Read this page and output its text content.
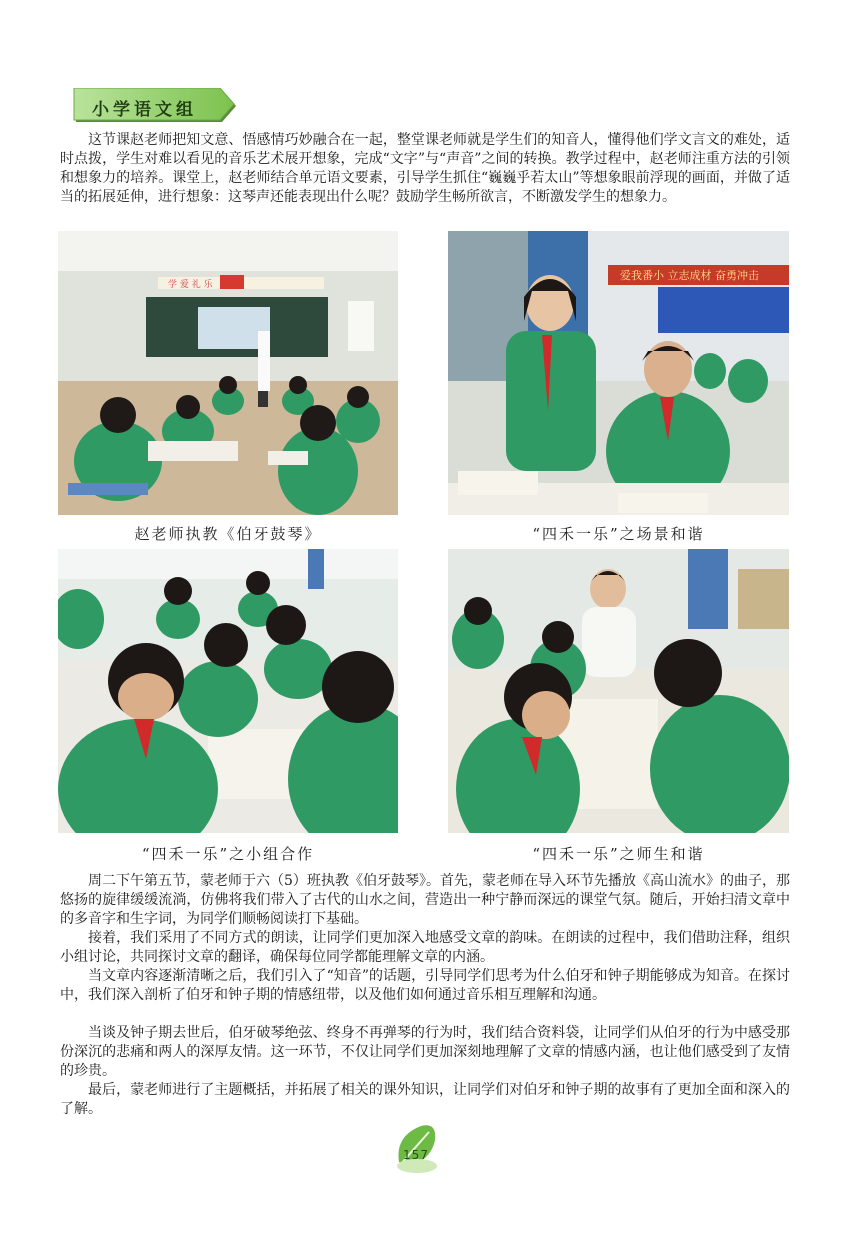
小学语文组

这节课赵老师把知文意、悟感情巧妙融合在一起，整堂课老师就是学生们的知音人，懂得他们学文言文的难处，适时点拨，学生对难以看见的音乐艺术展开想象，完成“文字”与“声音”之间的转换。教学过程中，赵老师注重方法的引领和想象力的培养。课堂上，赵老师结合单元语文要素，引导学生抓住“巍巍乎若太山”等想象眼前浮现的画面，并做了适当的拓展延伸，进行想象：这琴声还能表现出什么呢？鼓励学生畅所欲言，不断激发学生的想象力。

学 爱 礼 乐
赵老师执教《伯牙鼓琴》
爱我番小 立志成材 奋勇冲击
“四禾一乐”之场景和谐
“四禾一乐”之小组合作	“四禾一乐”之师生和谐

周二下午第五节，蒙老师于六（5）班执教《伯牙鼓琴》。首先，蒙老师在导入环节先播放《高山流水》的曲子，那悠扬的旋律缓缓流淌，仿佛将我们带入了古代的山水之间，营造出一种宁静而深远的课堂气氛。随后，开始扫清文章中的多音字和生字词，为同学们顺畅阅读打下基础。

接着，我们采用了不同方式的朗读，让同学们更加深入地感受文章的韵味。在朗读的过程中，我们借助注释，组织小组讨论，共同探讨文章的翻译，确保每位同学都能理解文章的内涵。

当文章内容逐渐清晰之后，我们引入了“知音”的话题，引导同学们思考为什么伯牙和钟子期能够成为知音。在探讨中，我们深入剖析了伯牙和钟子期的情感纽带，以及他们如何通过音乐相互理解和沟通。

当谈及钟子期去世后，伯牙破琴绝弦、终身不再弹琴的行为时，我们结合资料袋，让同学们从伯牙的行为中感受那份深沉的悲痛和两人的深厚友情。这一环节，不仅让同学们更加深刻地理解了文章的情感内涵，也让他们感受到了友情的珍贵。

最后，蒙老师进行了主题概括，并拓展了相关的课外知识，让同学们对伯牙和钟子期的故事有了更加全面和深入的了解。

157
